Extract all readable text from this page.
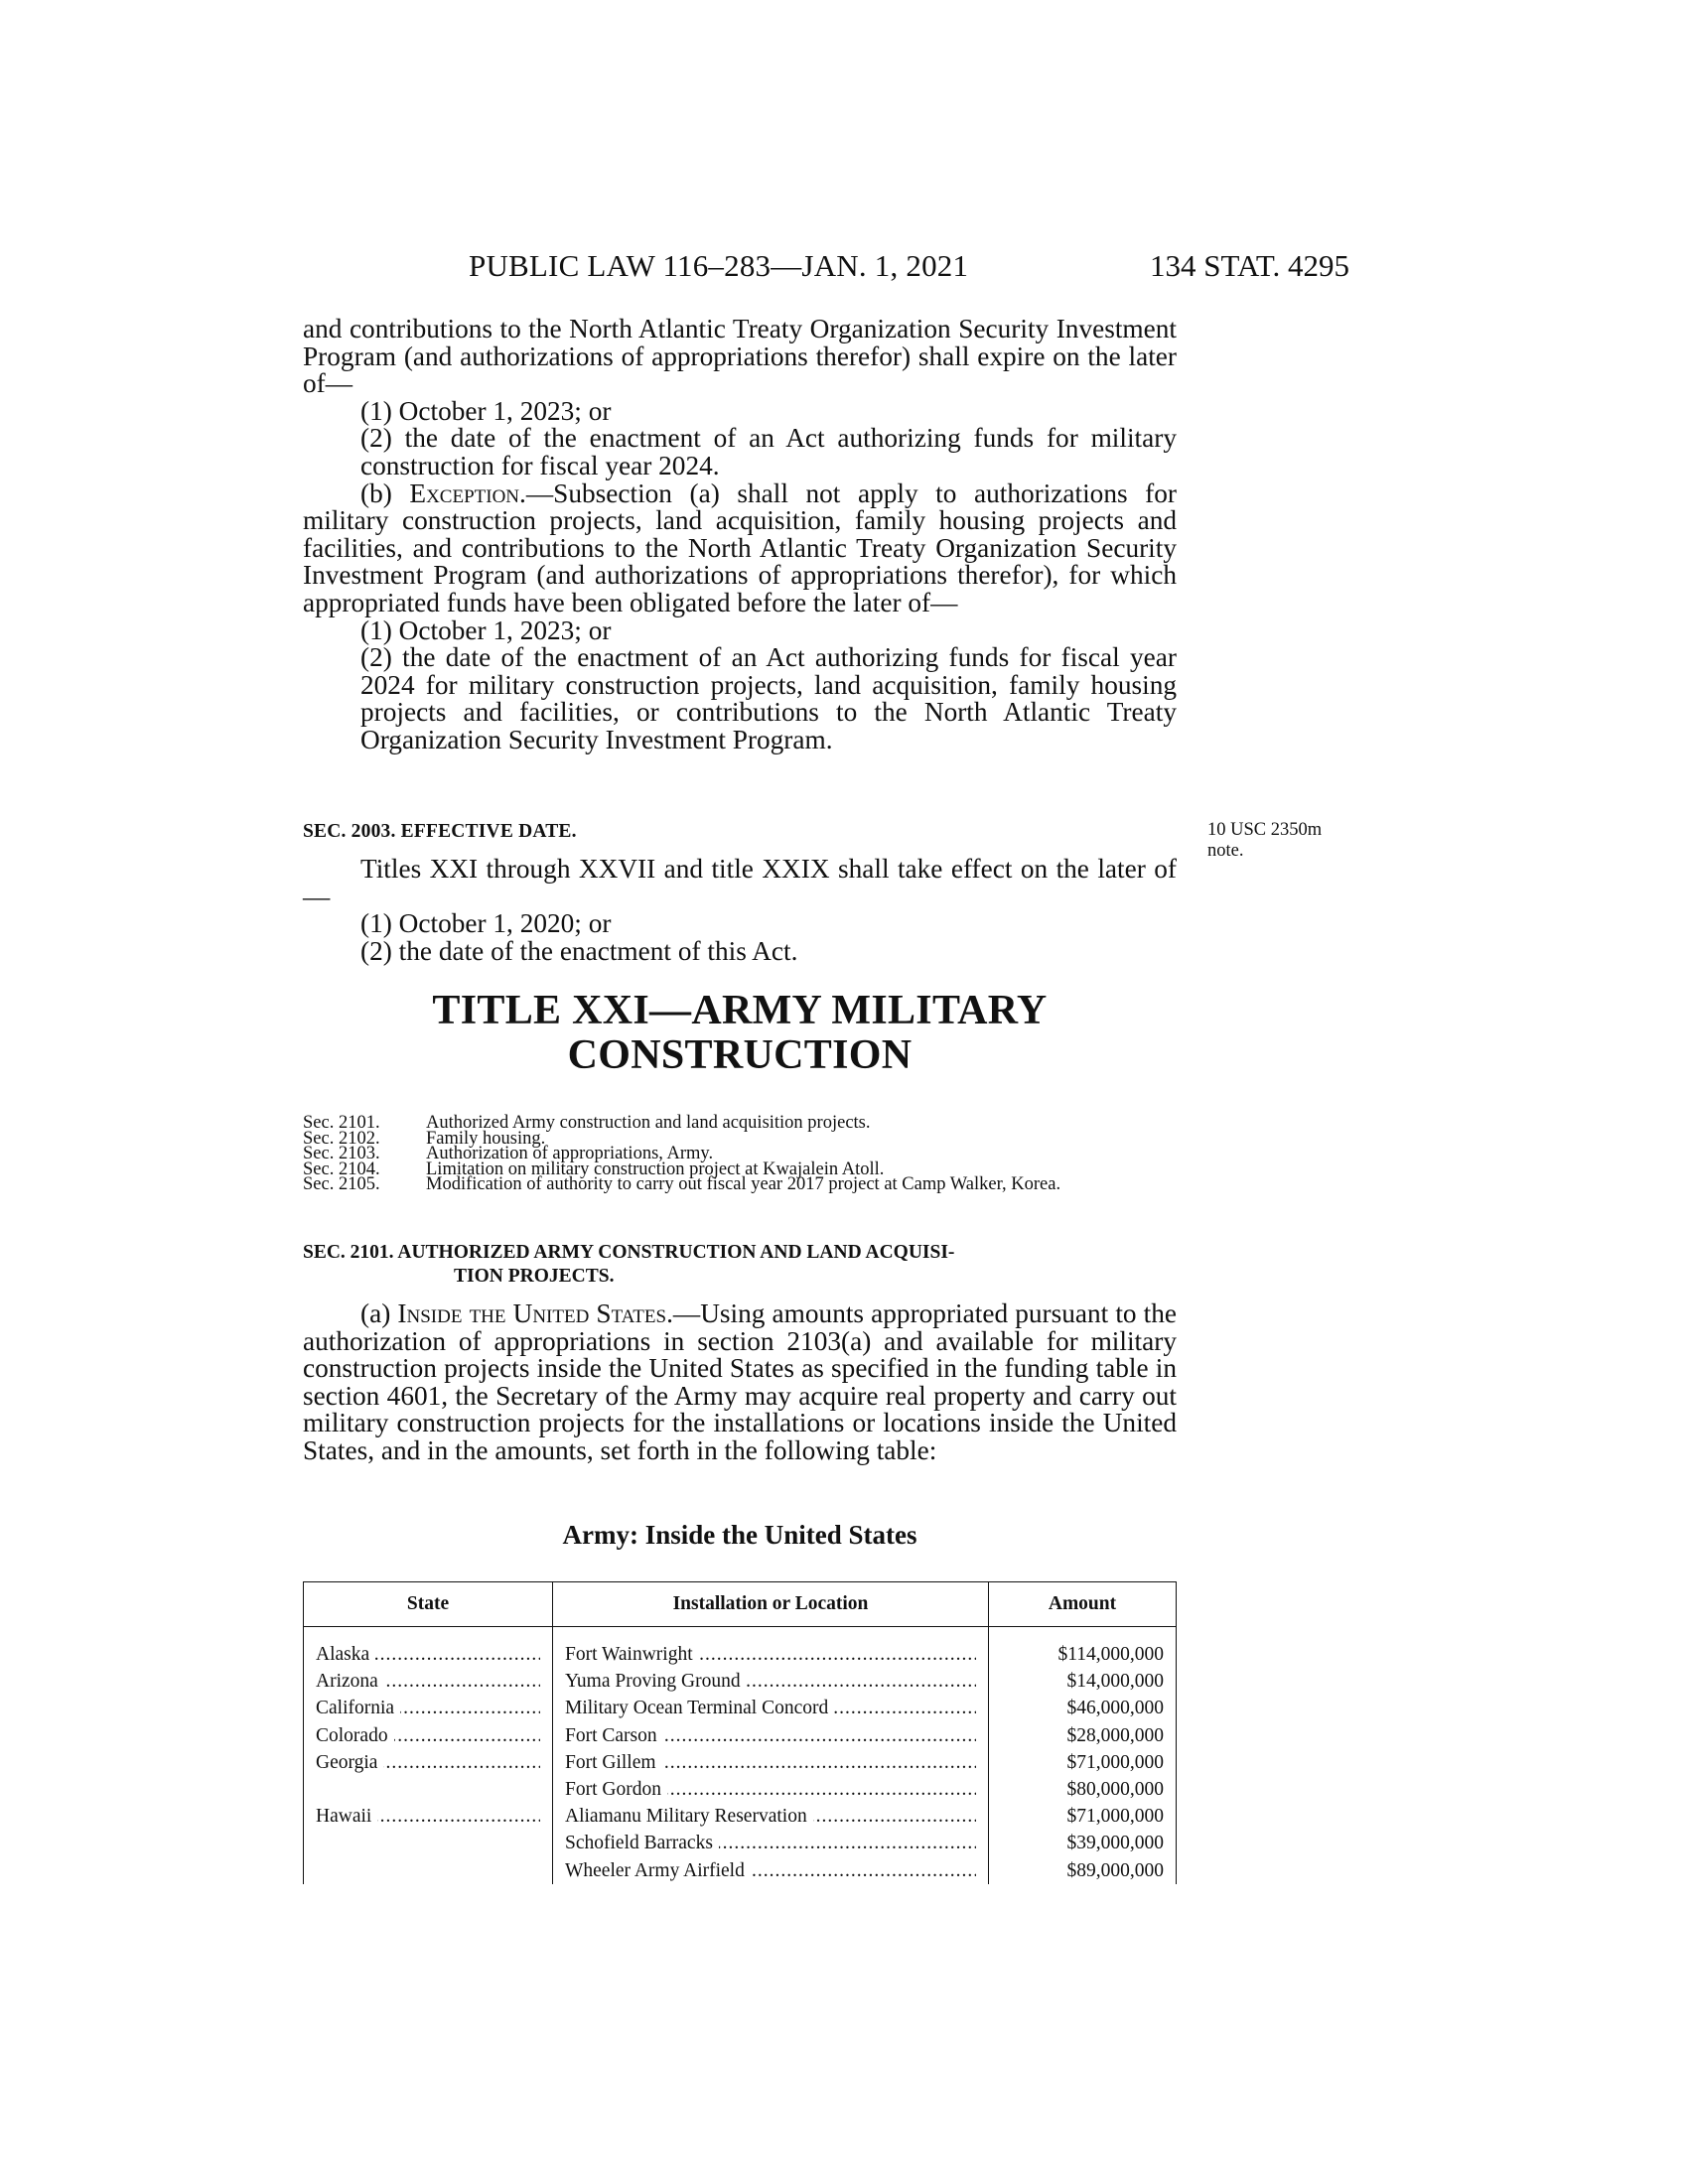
PUBLIC LAW 116–283—JAN. 1, 2021	134 STAT. 4295

and contributions to the North Atlantic Treaty Organization Security Investment Program (and authorizations of appropriations therefor) shall expire on the later of—

(1) October 1, 2023; or

(2) the date of the enactment of an Act authorizing funds for military construction for fiscal year 2024.

(b) Exception.—Subsection (a) shall not apply to authorizations for military construction projects, land acquisition, family housing projects and facilities, and contributions to the North Atlantic Treaty Organization Security Investment Program (and authorizations of appropriations therefor), for which appropriated funds have been obligated before the later of—

(1) October 1, 2023; or

(2) the date of the enactment of an Act authorizing funds for fiscal year 2024 for military construction projects, land acquisition, family housing projects and facilities, or contributions to the North Atlantic Treaty Organization Security Investment Program.

SEC. 2003. EFFECTIVE DATE.	10 USC 2350m note.

Titles XXI through XXVII and title XXIX shall take effect on the later of—

(1) October 1, 2020; or

(2) the date of the enactment of this Act.

TITLE XXI—ARMY MILITARY
CONSTRUCTION
Sec. 2101.	Authorized Army construction and land acquisition projects.
Sec. 2102.	Family housing.
Sec. 2103.	Authorization of appropriations, Army.
Sec. 2104.	Limitation on military construction project at Kwajalein Atoll.
Sec. 2105.	Modification of authority to carry out fiscal year 2017 project at Camp Walker, Korea.
SEC. 2101. AUTHORIZED ARMY CONSTRUCTION AND LAND ACQUISI-
TION PROJECTS.

(a) Inside the United States.—Using amounts appropriated pursuant to the authorization of appropriations in section 2103(a) and available for military construction projects inside the United States as specified in the funding table in section 4601, the Secretary of the Army may acquire real property and carry out military construction projects for the installations or locations inside the United States, and in the amounts, set forth in the following table:

Army: Inside the United States
State	Installation or Location	Amount

Alaska .....	Fort Wainwright .....	$114,000,000
Arizona .....	Yuma Proving Ground .....	$14,000,000
California .....	Military Ocean Terminal Concord .....	$46,000,000
Colorado .....	Fort Carson .....	$28,000,000
Georgia .....	Fort Gillem .....	$71,000,000
	Fort Gordon .....	$80,000,000
Hawaii .....	Aliamanu Military Reservation .....	$71,000,000
	Schofield Barracks .....	$39,000,000
	Wheeler Army Airfield .....	$89,000,000
